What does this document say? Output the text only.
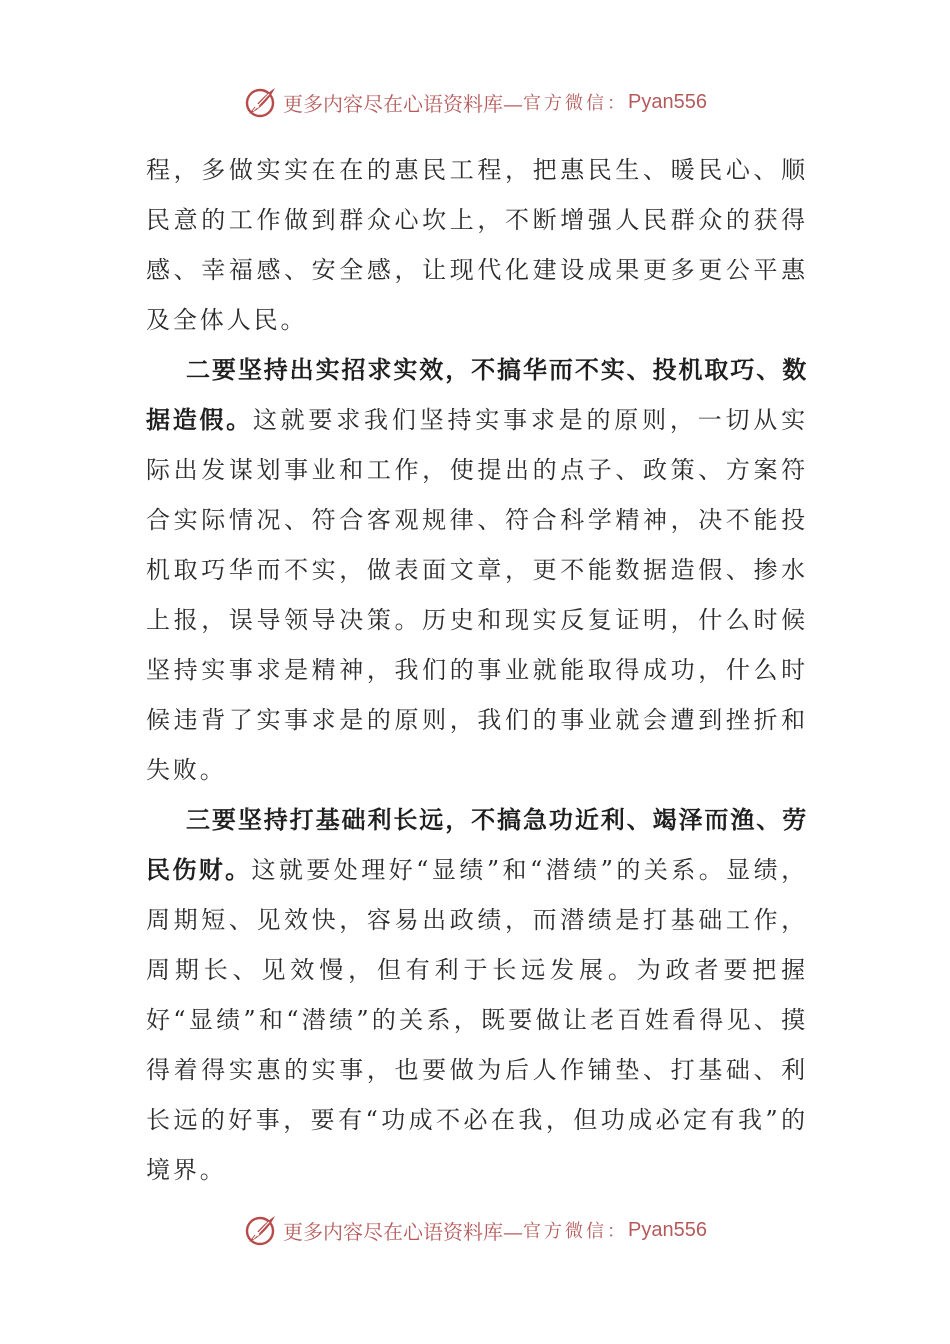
更多内容尽在心语资料库— 官方微信： Pyan556

程，多做实实在在的惠民工程，把惠民生、暖民心、顺民意的工作做到群众心坎上，不断增强人民群众的获得感、幸福感、安全感，让现代化建设成果更多更公平惠及全体人民。

二要坚持出实招求实效，不搞华而不实、投机取巧、数据造假。这就要求我们坚持实事求是的原则，一切从实际出发谋划事业和工作，使提出的点子、政策、方案符合实际情况、符合客观规律、符合科学精神，决不能投机取巧华而不实，做表面文章，更不能数据造假、掺水上报，误导领导决策。历史和现实反复证明，什么时候坚持实事求是精神，我们的事业就能取得成功，什么时候违背了实事求是的原则，我们的事业就会遭到挫折和失败。

三要坚持打基础利长远，不搞急功近利、竭泽而渔、劳民伤财。这就要处理好“显绩”和“潜绩”的关系。显绩，周期短、见效快，容易出政绩，而潜绩是打基础工作，周期长、见效慢，但有利于长远发展。为政者要把握好“显绩”和“潜绩”的关系，既要做让老百姓看得见、摸得着得实惠的实事，也要做为后人作铺垫、打基础、利长远的好事，要有“功成不必在我，但功成必定有我”的境界。

更多内容尽在心语资料库— 官方微信： Pyan556
